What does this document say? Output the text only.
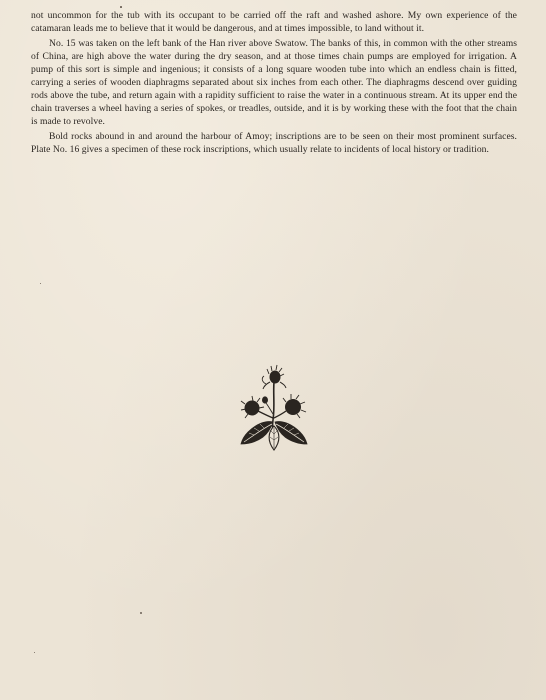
not uncommon for the tub with its occupant to be carried off the raft and washed ashore. My own experience of the catamaran leads me to believe that it would be dangerous, and at times impossible, to land without it.

No. 15 was taken on the left bank of the Han river above Swatow. The banks of this, in common with the other streams of China, are high above the water during the dry season, and at those times chain pumps are employed for irrigation. A pump of this sort is simple and ingenious; it consists of a long square wooden tube into which an endless chain is fitted, carrying a series of wooden diaphragms separated about six inches from each other. The diaphragms descend over guiding rods above the tube, and return again with a rapidity sufficient to raise the water in a continuous stream. At its upper end the chain traverses a wheel having a series of spokes, or treadles, outside, and it is by working these with the foot that the chain is made to revolve.

Bold rocks abound in and around the harbour of Amoy; inscriptions are to be seen on their most prominent surfaces. Plate No. 16 gives a specimen of these rock inscriptions, which usually relate to incidents of local history or tradition.
